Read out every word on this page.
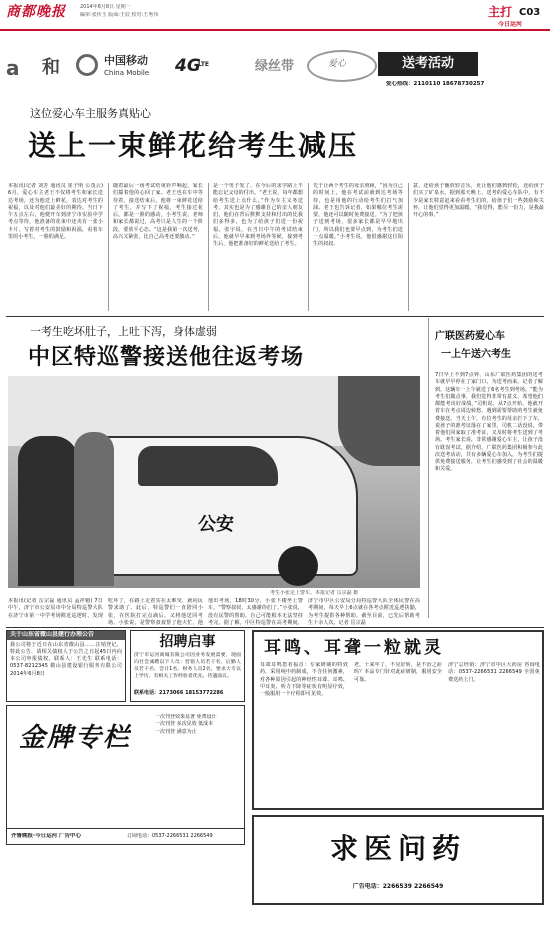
商都晚报	2014年6月8日 星期一
编审:张传玉 版面:王辰 校对:王秀伟	主打 C03
今日运河
a 和	中国移动
China Mobile 4G
LTE	绿丝带	爱心	送考活动
爱心热线：2110110 18678730257
这位爱心车主服务真贴心
送上一束鲜花给考生减压
本报讯(记者 刘芳 通讯员 崔子明 公茂云) 6月，爱心车主老王不仅将考生和家长送达考场，还为他送上鲜花，表达对考生的祝福，以及对他们最美好的期待。当日下午五点左右，他便开车到济宁市实验中学考点等待，他准备的花束中还夹有一张小卡片，写着对考生的鼓励和祝福，看着车里的小考生，一脸的满足。
随着最后一场考试结束铃声响起，家长们揣着他的心回了家。老王也在车中等待着，接送结束后，他将一束鲜花送给了考生，并写下了祝福，考生接过花后，都是一脸的感动，小考生说，老师和家长都说过，高考只是人生的一个阶段，要放平心态。“这是我第一次送考，高兴又紧张，比自己高考还要激动。”
是一个男子发了，在今后的求学路上不能忘记父母的付出。“老王说，每年都想给考生送上点什么。”作为车主义务送考，其实也是为了感谢自己的亲人朋友们，他们在背后默默支持和付出的比我们多得多，也为了给孩子们送一份祝福。张宇说，在当日中午的考试结束后，他就早早来到考场外等候，接到考生后，他把准备好的鲜花送给了考生。
先于让两个考生的母亲照顾，“因为自己的时间上，他在考试前就到达考场等待，也是用他的行动给考生们打气加油。老王也告诉记者，如果哪位考生需要，他还可以随时免费接送。“为了把孩子送到考场，很多家长都是早早地出门，所以我们也要早点到，为考生们送一点温暖。”小考生说，他很感谢这位陌生的叔叔。
意，还给孩子播放轻音乐，更让他们感到轻松，还给孩子们买了矿泉水。据到那天晚上，送考的爱心车队中，有不少是家长特意赶来看看考生们的，给孩子们一些鼓励和关怀，让他们觉得更加温暖。“我觉得，能尽一份力，是我最开心的事。”
一考生吃坏肚子，上吐下泻，身体虚弱
中区特巡警接送他往返考场
公安
考生小张走上警车。本报记者 岳宗磊 摄
本报讯(记者 岳宗磊 通讯员 孟祥魁) 7日中午，济宁市公安局市中分局特巡警大队在济宁市第一中学考场附近巡逻时，发现
吃坏了，在路上走着实在太难受，就向民警求助了。此后，特巡警们一直陪同小张，在医院打完点滴后，又将他送回考场。小张说，是警察叔叔帮了他大忙，他
他出考场，18时30分，小张下楼坐上警车。“警察叔叔，太感谢你们了。”小张说，没有民警的帮助，自己可能根本无法坚持考完。据了解，中区特巡警在高考期间，
济宁市中区公安局分局特巡警大队全体民警在高考期间，每天早上6点就在各考点附近巡逻执勤，为考生提供各种帮助。截至目前，已先后帮助考生十余人次。记者 岳宗磊
广联医药爱心车
一上午送六考生
7日早上不到7点钟，山东广联医药集团的送考车就早早停在了家门口，为送考而来。记者了解到，这辆车一上午就送了6名考生到考场。“能为考生们做点事，我们觉得非常有意义，希望他们都能考出好成绩。”司机说，从7点开始，他就开着车在考点周边转悠，遇到需要帮助的考生就免费接送。当天上午，有位考生的母亲拦下了车，说孩子的准考证落在了家里，司机二话没说，带着他们回家取了准考证，又及时将考生送到了考场。考生家长说，非常感谢爱心车主，让孩子没有耽误考试。据介绍，广联医药集团积极参与此次送考活动，共有多辆爱心车加入，为考生们提供免费接送服务，让考生们感受到了社会的温暖和关爱。
关于山东省微山县建行办理公告
我公司将于近日在山东省微山县……注销登记，特此公告，请相关债权人于公告之日起45日内向本公司申报债权。联系人：王先生 联系电话：0537-8212345 微山县建设银行服务有限公司 2014年6月8日
招聘启事
济宁市运河商城有限公司因业务发展需要，现面向社会诚聘以下人员：营销人员若干名、后勤人员若干名、会计1名、财务人员2名，要求大专以上学历，有相关工作经验者优先。待遇面议。
联系电话：2173066 18153772286
金牌专栏
一次刊登效果显著 免费设计
一次刊登 多次见效 低成本
一次刊登 满意为止
齐鲁晚报·今日运河 广告中心	订阅电话：0537-2266531 2266549
耳鸣、耳聋一粒就灵
耳聋耳鸣患者福音：专家研制的特效药，采用纯中药制成，不含任何激素，对各种原因引起的神经性耳聋、耳鸣、中耳炎、听力下降等症状有明显疗效，一般服用一个疗程即可见效。
老，十来年了，不见好转，是不治之症吗？本品专门针对此症研制，服用安全可靠。
济宁总经销：济宁市中区大药房 咨询电话：0537-2266531 2266549 全国免费送药上门。
求医问药
广告电话：2266539 2266549
